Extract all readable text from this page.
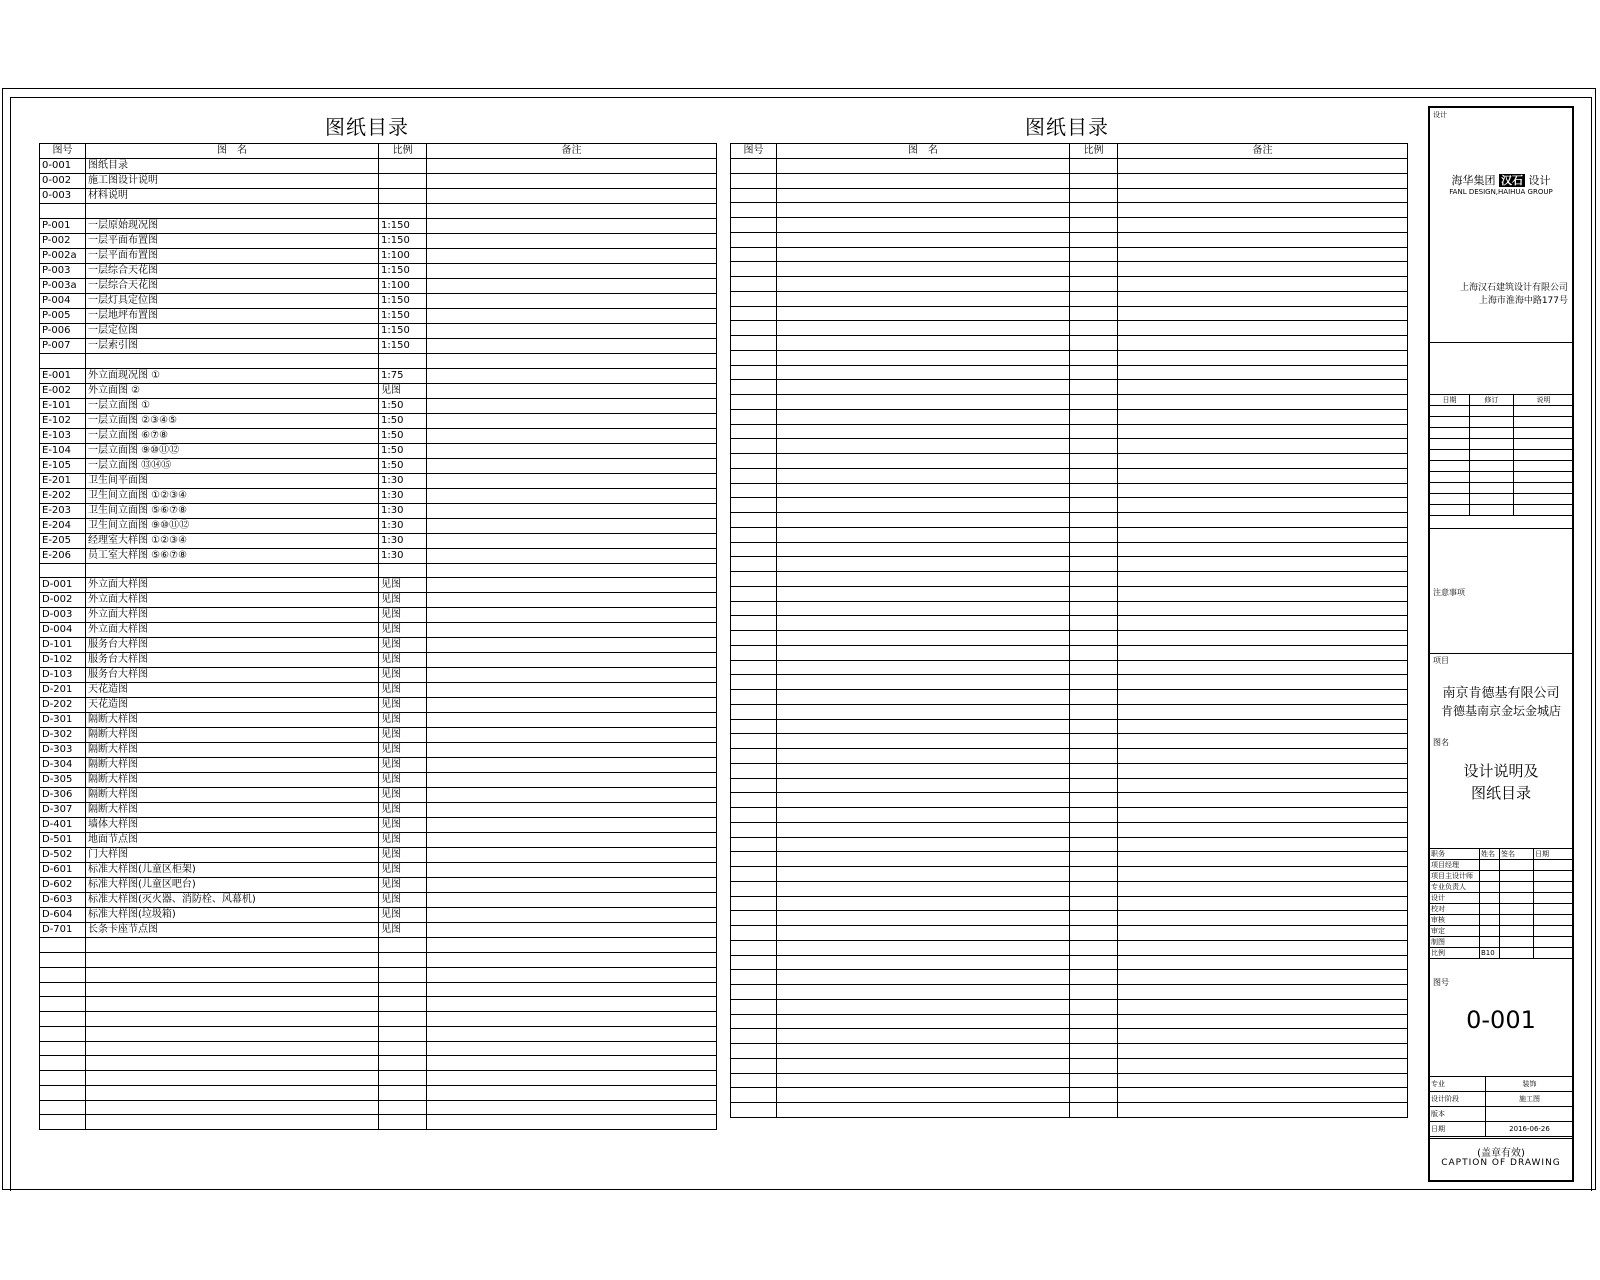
图纸目录
图号	图　名	比例	备注
0-001	图纸目录		
0-002	施工图设计说明		
0-003	材料说明		

P-001	一层原始现况图	1:150	
P-002	一层平面布置图	1:150	
P-002a	一层平面布置图	1:100	
P-003	一层综合天花图	1:150	
P-003a	一层综合天花图	1:100	
P-004	一层灯具定位图	1:150	
P-005	一层地坪布置图	1:150	
P-006	一层定位图	1:150	
P-007	一层索引图	1:150	

E-001	外立面现况图 ①	1:75	
E-002	外立面图 ②	见图	
E-101	一层立面图 ①	1:50	
E-102	一层立面图 ②③④⑤	1:50	
E-103	一层立面图 ⑥⑦⑧	1:50	
E-104	一层立面图 ⑨⑩⑪⑫	1:50	
E-105	一层立面图 ⑬⑭⑮	1:50	
E-201	卫生间平面图	1:30	
E-202	卫生间立面图 ①②③④	1:30	
E-203	卫生间立面图 ⑤⑥⑦⑧	1:30	
E-204	卫生间立面图 ⑨⑩⑪⑫	1:30	
E-205	经理室大样图 ①②③④	1:30	
E-206	员工室大样图 ⑤⑥⑦⑧	1:30	

D-001	外立面大样图	见图	
D-002	外立面大样图	见图	
D-003	外立面大样图	见图	
D-004	外立面大样图	见图	
D-101	服务台大样图	见图	
D-102	服务台大样图	见图	
D-103	服务台大样图	见图	
D-201	天花造图	见图	
D-202	天花造图	见图	
D-301	隔断大样图	见图	
D-302	隔断大样图	见图	
D-303	隔断大样图	见图	
D-304	隔断大样图	见图	
D-305	隔断大样图	见图	
D-306	隔断大样图	见图	
D-307	隔断大样图	见图	
D-401	墙体大样图	见图	
D-501	地面节点图	见图	
D-502	门大样图	见图	
D-601	标准大样图(儿童区柜架)	见图	
D-602	标准大样图(儿童区吧台)	见图	
D-603	标准大样图(灭火器、消防栓、风幕机)	见图	
D-604	标准大样图(垃圾箱)	见图	
D-701	长条卡座节点图	见图	

图纸目录
图号	图　名	比例	备注

设计
海华集团 汉石 设计
FANL DESIGN,HAIHUA GROUP
上海汉石建筑设计有限公司
上海市淮海中路177号
日期	修订	说明

注意事项
项目
南京肯德基有限公司
肯德基南京金坛金城店
图名
设计说明及
图纸目录
职务	姓名	签名	日期
项目经理			
项目主设计师			
专业负责人			
设计			
校对			
审核			
审定			
制图			
比例	B10		
图号
0-001
专业	装饰
设计阶段	施工图
版本	
日期	2016-06-26
(盖章有效)
CAPTION OF DRAWING
